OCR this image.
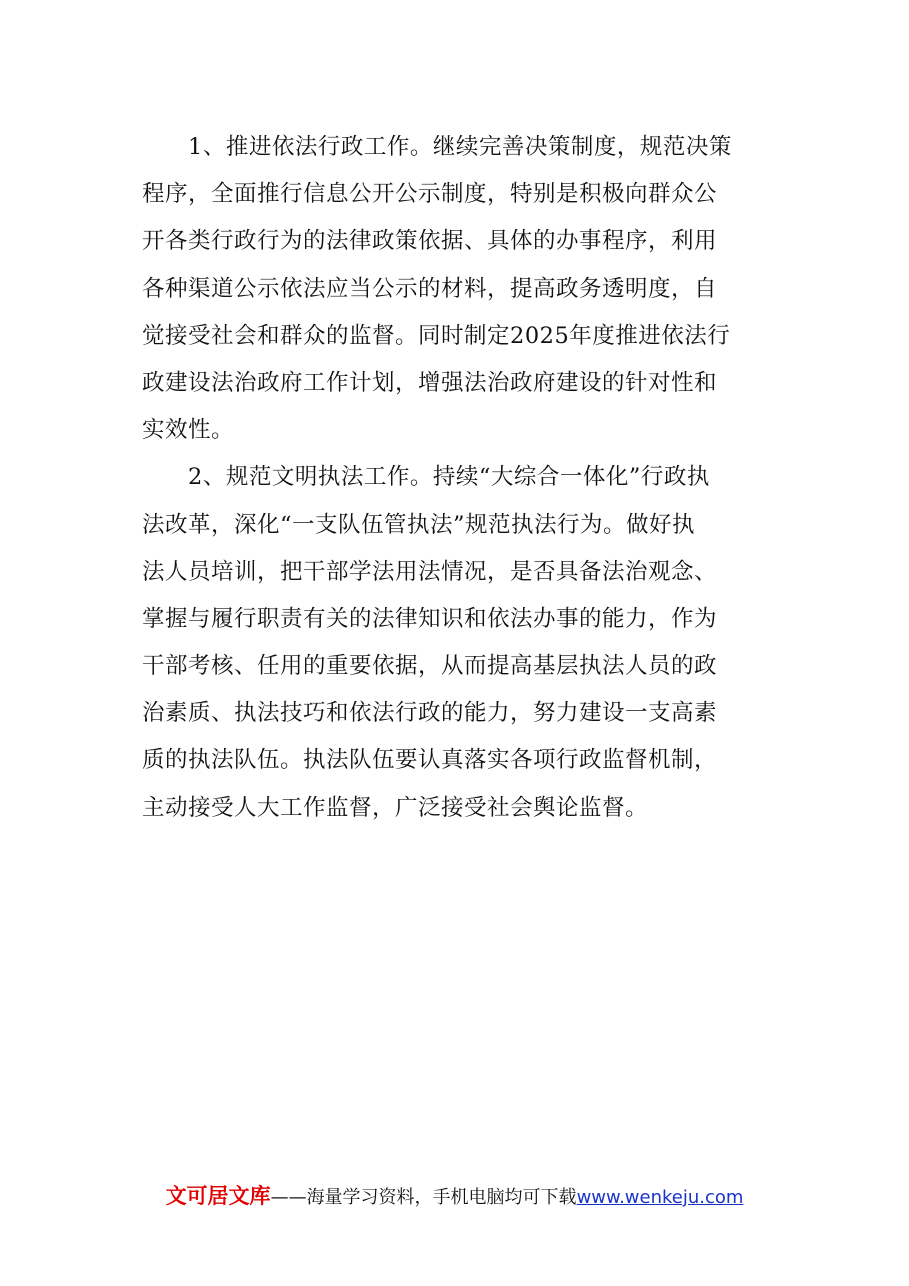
　　1、推进依法行政工作。继续完善决策制度，规范决策
程序，全面推行信息公开公示制度，特别是积极向群众公
开各类行政行为的法律政策依据、具体的办事程序，利用
各种渠道公示依法应当公示的材料，提高政务透明度，自
觉接受社会和群众的监督。同时制定2025年度推进依法行
政建设法治政府工作计划，增强法治政府建设的针对性和
实效性。
　　2、规范文明执法工作。持续“大综合一体化”行政执
法改革，深化“一支队伍管执法”规范执法行为。做好执
法人员培训，把干部学法用法情况，是否具备法治观念、
掌握与履行职责有关的法律知识和依法办事的能力，作为
干部考核、任用的重要依据，从而提高基层执法人员的政
治素质、执法技巧和依法行政的能力，努力建设一支高素
质的执法队伍。执法队伍要认真落实各项行政监督机制，
主动接受人大工作监督，广泛接受社会舆论监督。
文可居文库——海量学习资料，手机电脑均可下载www.wenkeju.com
